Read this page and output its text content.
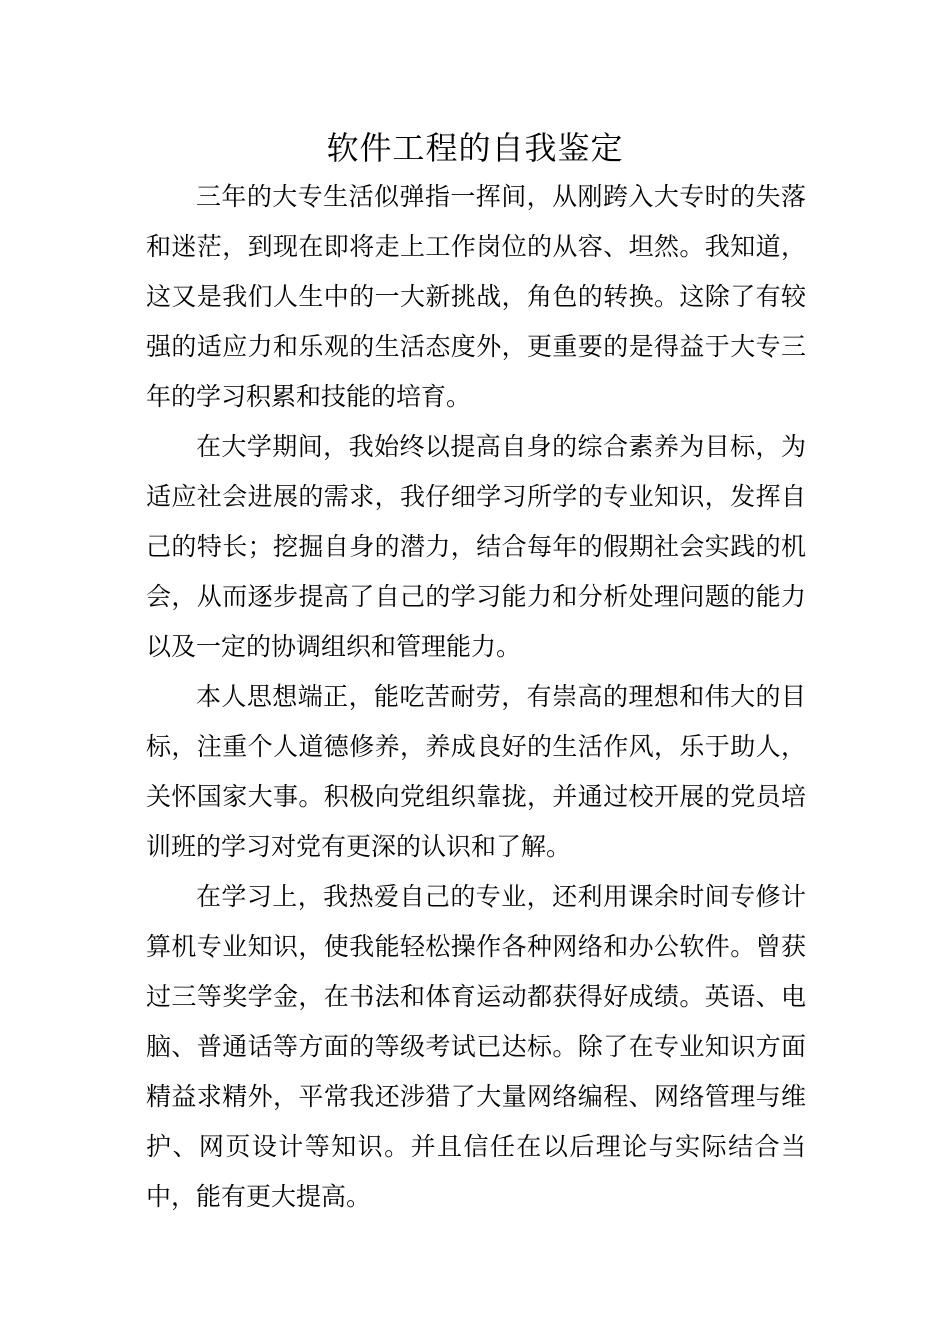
软件工程的自我鉴定

三年的大专生活似弹指一挥间，从刚跨入大专时的失落和迷茫，到现在即将走上工作岗位的从容、坦然。我知道，这又是我们人生中的一大新挑战，角色的转换。这除了有较强的适应力和乐观的生活态度外，更重要的是得益于大专三年的学习积累和技能的培育。

在大学期间，我始终以提高自身的综合素养为目标，为适应社会进展的需求，我仔细学习所学的专业知识，发挥自己的特长；挖掘自身的潜力，结合每年的假期社会实践的机会，从而逐步提高了自己的学习能力和分析处理问题的能力以及一定的协调组织和管理能力。

本人思想端正，能吃苦耐劳，有崇高的理想和伟大的目标，注重个人道德修养，养成良好的生活作风，乐于助人，关怀国家大事。积极向党组织靠拢，并通过校开展的党员培训班的学习对党有更深的认识和了解。

在学习上，我热爱自己的专业，还利用课余时间专修计算机专业知识，使我能轻松操作各种网络和办公软件。曾获过三等奖学金，在书法和体育运动都获得好成绩。英语、电脑、普通话等方面的等级考试已达标。除了在专业知识方面精益求精外，平常我还涉猎了大量网络编程、网络管理与维护、网页设计等知识。并且信任在以后理论与实际结合当中，能有更大提高。
